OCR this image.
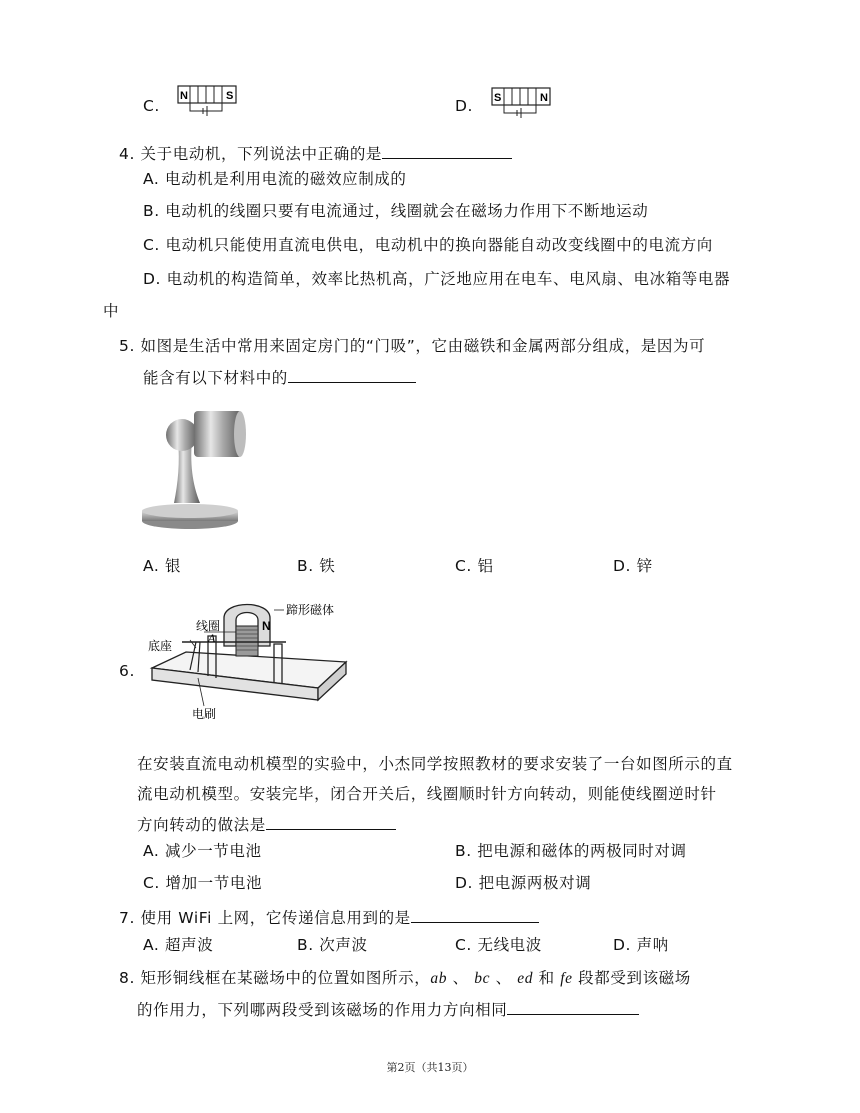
C.
N	S
D. S	N
4. 关于电动机，下列说法中正确的是
A. 电动机是利用电流的磁效应制成的
B. 电动机的线圈只要有电流通过，线圈就会在磁场力作用下不断地运动
C. 电动机只能使用直流电供电，电动机中的换向器能自动改变线圈中的电流方向
D. 电动机的构造简单，效率比热机高，广泛地应用在电车、电风扇、电冰箱等电器
中
5. 如图是生活中常用来固定房门的“门吸”，它由磁铁和金属两部分组成，是因为可
能含有以下材料中的
A. 银	B. 铁	C. 铝	D. 锌
6.
线圈
A
N
蹄形磁体
底座
电刷
在安装直流电动机模型的实验中，小杰同学按照教材的要求安装了一台如图所示的直
流电动机模型。安装完毕，闭合开关后，线圈顺时针方向转动，则能使线圈逆时针
方向转动的做法是
A. 减少一节电池	B. 把电源和磁体的两极同时对调
C. 增加一节电池	D. 把电源两极对调
7. 使用 WiFi 上网，它传递信息用到的是
A. 超声波	B. 次声波	C. 无线电波	D. 声呐
8. 矩形铜线框在某磁场中的位置如图所示，ab 、 bc 、 ed 和 fe 段都受到该磁场
的作用力，下列哪两段受到该磁场的作用力方向相同
第2页（共13页）
